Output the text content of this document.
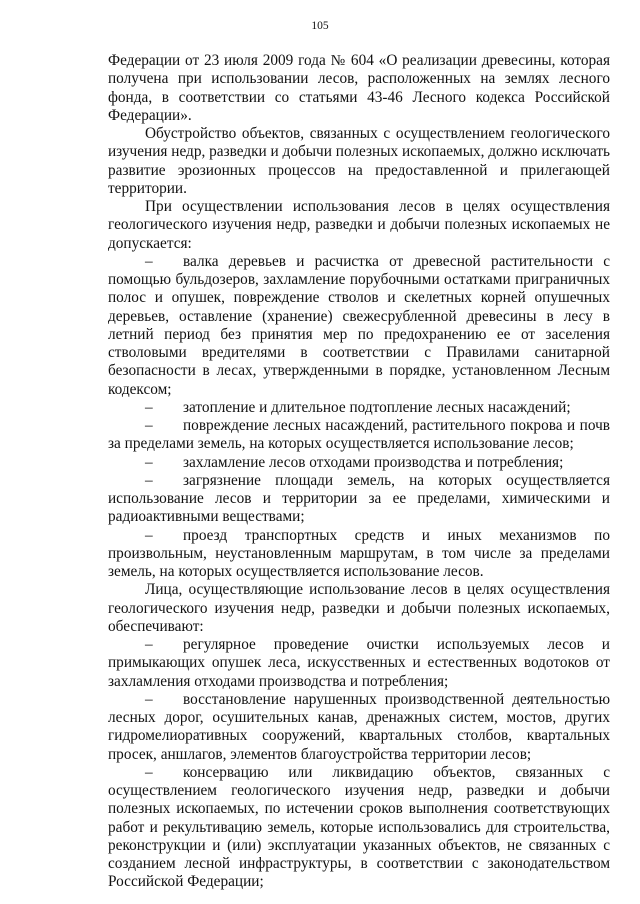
105

Федерации от 23 июля 2009 года № 604 «О реализации древесины, которая получена при использовании лесов, расположенных на землях лесного фонда, в соответствии со статьями 43-46 Лесного кодекса Российской Федерации».

Обустройство объектов, связанных с осуществлением геологического изучения недр, разведки и добычи полезных ископаемых, должно исключать развитие эрозионных процессов на предоставленной и прилегающей территории.

При осуществлении использования лесов в целях осуществления геологического изучения недр, разведки и добычи полезных ископаемых не допускается:

– валка деревьев и расчистка от древесной растительности с помощью бульдозеров, захламление порубочными остатками приграничных полос и опушек, повреждение стволов и скелетных корней опушечных деревьев, оставление (хранение) свежесрубленной древесины в лесу в летний период без принятия мер по предохранению ее от заселения стволовыми вредителями в соответствии с Правилами санитарной безопасности в лесах, утвержденными в порядке, установленном Лесным кодексом;

– затопление и длительное подтопление лесных насаждений;

– повреждение лесных насаждений, растительного покрова и почв за пределами земель, на которых осуществляется использование лесов;

– захламление лесов отходами производства и потребления;

– загрязнение площади земель, на которых осуществляется использование лесов и территории за ее пределами, химическими и радиоактивными веществами;

– проезд транспортных средств и иных механизмов по произвольным, неустановленным маршрутам, в том числе за пределами земель, на которых осуществляется использование лесов.

Лица, осуществляющие использование лесов в целях осуществления геологического изучения недр, разведки и добычи полезных ископаемых, обеспечивают:

– регулярное проведение очистки используемых лесов и примыкающих опушек леса, искусственных и естественных водотоков от захламления отходами производства и потребления;

– восстановление нарушенных производственной деятельностью лесных дорог, осушительных канав, дренажных систем, мостов, других гидромелиоративных сооружений, квартальных столбов, квартальных просек, аншлагов, элементов благоустройства территории лесов;

– консервацию или ликвидацию объектов, связанных с осуществлением геологического изучения недр, разведки и добычи полезных ископаемых, по истечении сроков выполнения соответствующих работ и рекультивацию земель, которые использовались для строительства, реконструкции и (или) эксплуатации указанных объектов, не связанных с созданием лесной инфраструктуры, в соответствии с законодательством Российской Федерации;
